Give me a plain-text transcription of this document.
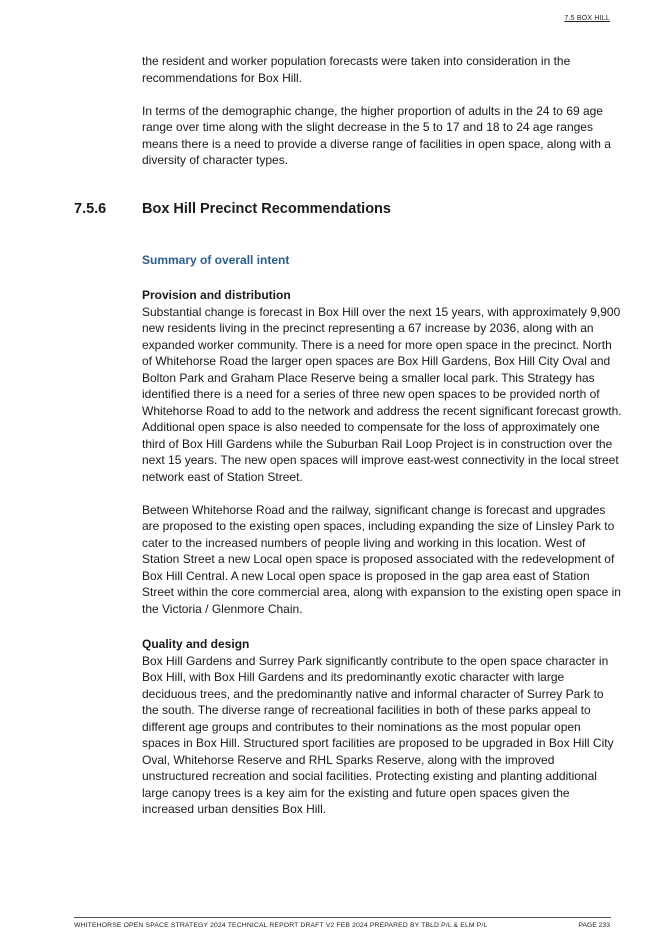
7.5 BOX HILL

the resident and worker population forecasts were taken into consideration in the recommendations for Box Hill.

In terms of the demographic change, the higher proportion of adults in the 24 to 69 age range over time along with the slight decrease in the 5 to 17 and 18 to 24 age ranges means there is a need to provide a diverse range of facilities in open space, along with a diversity of character types.

7.5.6 Box Hill Precinct Recommendations
Summary of overall intent
Provision and distribution

Substantial change is forecast in Box Hill over the next 15 years, with approximately 9,900 new residents living in the precinct representing a 67 increase by 2036, along with an expanded worker community. There is a need for more open space in the precinct. North of Whitehorse Road the larger open spaces are Box Hill Gardens, Box Hill City Oval and Bolton Park and Graham Place Reserve being a smaller local park. This Strategy has identified there is a need for a series of three new open spaces to be provided north of Whitehorse Road to add to the network and address the recent significant forecast growth. Additional open space is also needed to compensate for the loss of approximately one third of Box Hill Gardens while the Suburban Rail Loop Project is in construction over the next 15 years. The new open spaces will improve east-west connectivity in the local street network east of Station Street.

Between Whitehorse Road and the railway, significant change is forecast and upgrades are proposed to the existing open spaces, including expanding the size of Linsley Park to cater to the increased numbers of people living and working in this location. West of Station Street a new Local open space is proposed associated with the redevelopment of Box Hill Central. A new Local open space is proposed in the gap area east of Station Street within the core commercial area, along with expansion to the existing open space in the Victoria / Glenmore Chain.

Quality and design

Box Hill Gardens and Surrey Park significantly contribute to the open space character in Box Hill, with Box Hill Gardens and its predominantly exotic character with large deciduous trees, and the predominantly native and informal character of Surrey Park to the south. The diverse range of recreational facilities in both of these parks appeal to different age groups and contributes to their nominations as the most popular open spaces in Box Hill. Structured sport facilities are proposed to be upgraded in Box Hill City Oval, Whitehorse Reserve and RHL Sparks Reserve, along with the improved unstructured recreation and social facilities. Protecting existing and planting additional large canopy trees is a key aim for the existing and future open spaces given the increased urban densities Box Hill.

WHITEHORSE OPEN SPACE STRATEGY 2024 TECHNICAL REPORT DRAFT V2 FEB 2024 PREPARED BY TBLD P/L & ELM P/L	PAGE 233
